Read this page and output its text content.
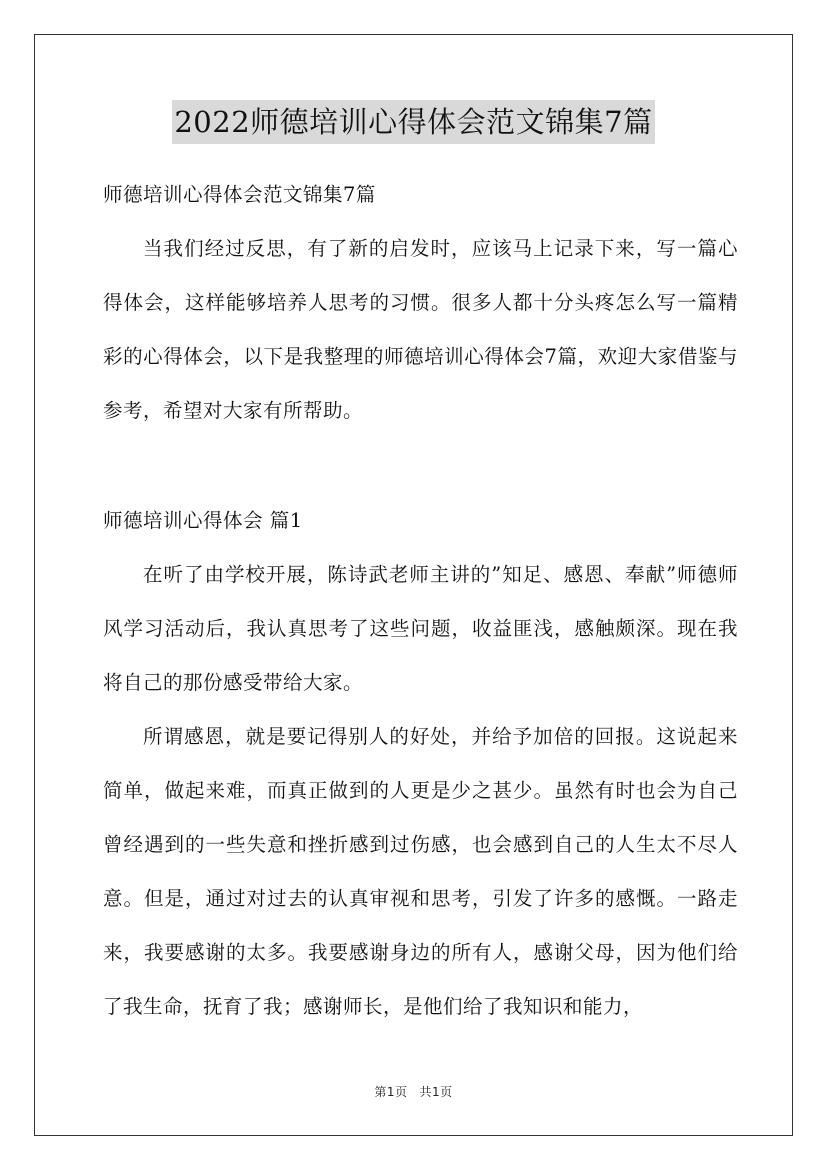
2022师德培训心得体会范文锦集7篇
师德培训心得体会范文锦集7篇

当我们经过反思，有了新的启发时，应该马上记录下来，写一篇心得体会，这样能够培养人思考的习惯。很多人都十分头疼怎么写一篇精彩的心得体会，以下是我整理的师德培训心得体会7篇，欢迎大家借鉴与参考，希望对大家有所帮助。

师德培训心得体会 篇1

在听了由学校开展，陈诗武老师主讲的”知足、感恩、奉献”师德师风学习活动后，我认真思考了这些问题，收益匪浅，感触颇深。现在我将自己的那份感受带给大家。

所谓感恩，就是要记得别人的好处，并给予加倍的回报。这说起来简单，做起来难，而真正做到的人更是少之甚少。虽然有时也会为自己曾经遇到的一些失意和挫折感到过伤感，也会感到自己的人生太不尽人意。但是，通过对过去的认真审视和思考，引发了许多的感慨。一路走来，我要感谢的太多。我要感谢身边的所有人，感谢父母，因为他们给了我生命，抚育了我；感谢师长，是他们给了我知识和能力，

第1页 共1页
